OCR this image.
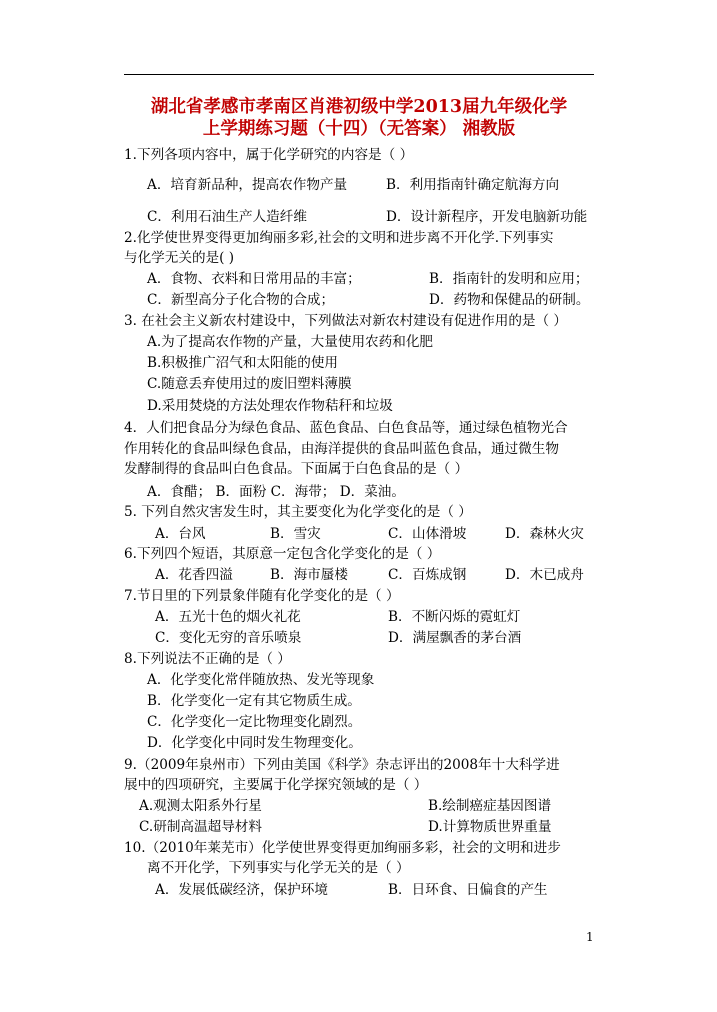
湖北省孝感市孝南区肖港初级中学2013届九年级化学
上学期练习题（十四）（无答案） 湘教版
1.下列各项内容中，属于化学研究的内容是（ ）
A．培育新品种，提高农作物产量	B．利用指南针确定航海方向
C．利用石油生产人造纤维	D．设计新程序，开发电脑新功能
2.化学使世界变得更加绚丽多彩,社会的文明和进步离不开化学.下列事实
与化学无关的是( )
A．食物、衣料和日常用品的丰富；	B．指南针的发明和应用；
C．新型高分子化合物的合成；	D．药物和保健品的研制。
3. 在社会主义新农村建设中，下列做法对新农村建设有促进作用的是（ ）
A.为了提高农作物的产量，大量使用农药和化肥
B.积极推广沼气和太阳能的使用
C.随意丢弃使用过的废旧塑料薄膜
D.采用焚烧的方法处理农作物秸秆和垃圾
4．人们把食品分为绿色食品、蓝色食品、白色食品等，通过绿色植物光合
作用转化的食品叫绿色食品，由海洋提供的食品叫蓝色食品，通过微生物
发酵制得的食品叫白色食品。下面属于白色食品的是（ ）
A．食醋； B．面粉 C．海带； D．菜油。
5. 下列自然灾害发生时，其主要变化为化学变化的是（ ）
A．台风	B．雪灾	C．山体滑坡	D．森林火灾
6.下列四个短语，其原意一定包含化学变化的是（ ）
A．花香四溢	B．海市蜃楼	C．百炼成钢	D．木已成舟
7.节日里的下列景象伴随有化学变化的是（ ）
A．五光十色的烟火礼花	B．不断闪烁的霓虹灯
C．变化无穷的音乐喷泉	D．满屋飘香的茅台酒
8.下列说法不正确的是（ ）
A．化学变化常伴随放热、发光等现象
B．化学变化一定有其它物质生成。
C．化学变化一定比物理变化剧烈。
D．化学变化中同时发生物理变化。
9.（2009年泉州市）下列由美国《科学》杂志评出的2008年十大科学进
展中的四项研究，主要属于化学探究领域的是（ ）
A.观测太阳系外行星	B.绘制癌症基因图谱
C.研制高温超导材料	D.计算物质世界重量
10.（2010年莱芜市）化学使世界变得更加绚丽多彩，社会的文明和进步
离不开化学，下列事实与化学无关的是（ ）
A．发展低碳经济，保护环境	B．日环食、日偏食的产生
1
